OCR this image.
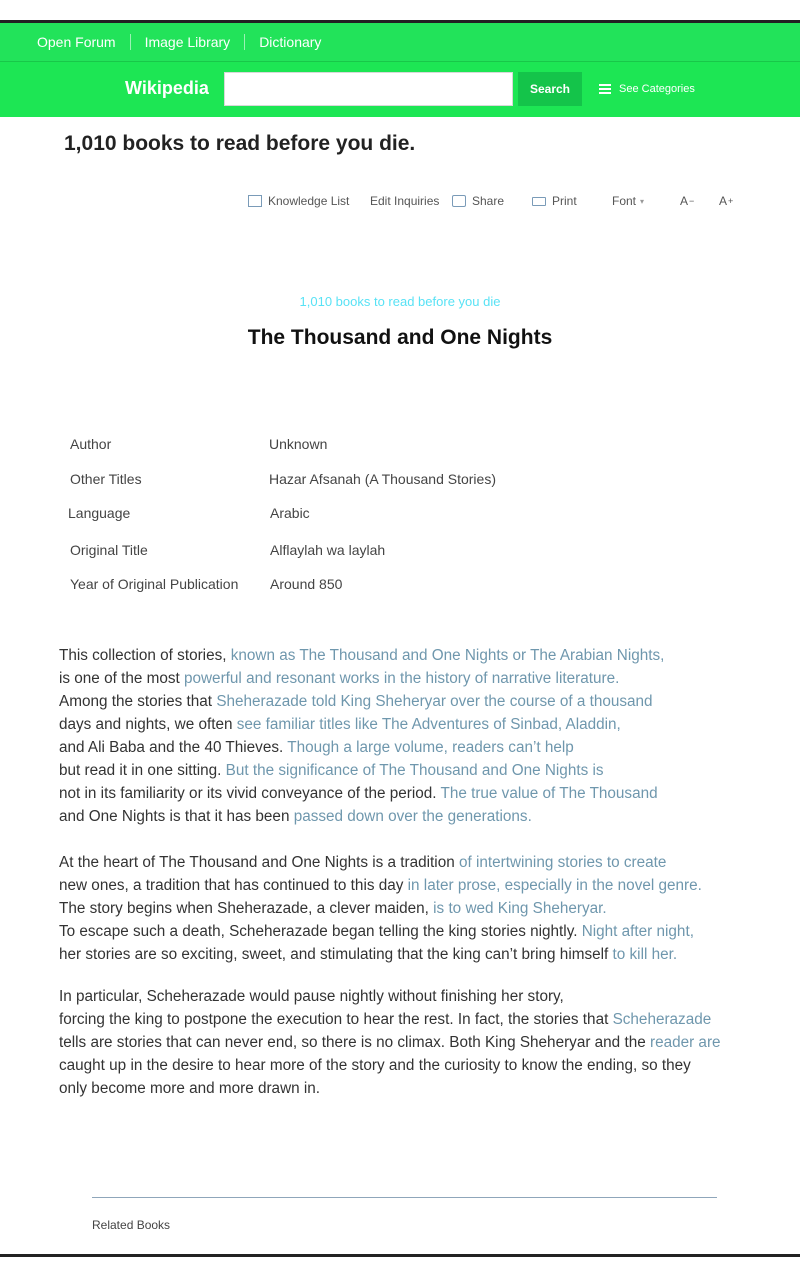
Open Forum	Image Library	Dictionary
Wikipedia	Search	See Categories
1,010 books to read before you die.
Knowledge List Edit Inquiries	Share	Print	Font ▾	A − A +
1,010 books to read before you die
The Thousand and One Nights
Author	Unknown
Other Titles	Hazar Afsanah (A Thousand Stories)
Language	Arabic
Original Title	Alflaylah wa laylah
Year of Original Publication Around 850

This collection of stories, known as The Thousand and One Nights or The Arabian Nights,
is one of the most powerful and resonant works in the history of narrative literature.
Among the stories that Sheherazade told King Sheheryar over the course of a thousand
days and nights, we often see familiar titles like The Adventures of Sinbad, Aladdin,
and Ali Baba and the 40 Thieves. Though a large volume, readers can’t help
but read it in one sitting. But the significance of The Thousand and One Nights is
not in its familiarity or its vivid conveyance of the period. The true value of The Thousand
and One Nights is that it has been passed down over the generations.

At the heart of The Thousand and One Nights is a tradition of intertwining stories to create
new ones, a tradition that has continued to this day in later prose, especially in the novel genre.
The story begins when Sheherazade, a clever maiden, is to wed King Sheheryar.
To escape such a death, Scheherazade began telling the king stories nightly. Night after night,
her stories are so exciting, sweet, and stimulating that the king can’t bring himself to kill her.

In particular, Scheherazade would pause nightly without finishing her story,
forcing the king to postpone the execution to hear the rest. In fact, the stories that Scheherazade
tells are stories that can never end, so there is no climax. Both King Sheheryar and the reader are
caught up in the desire to hear more of the story and the curiosity to know the ending, so they
only become more and more drawn in.

Related Books
